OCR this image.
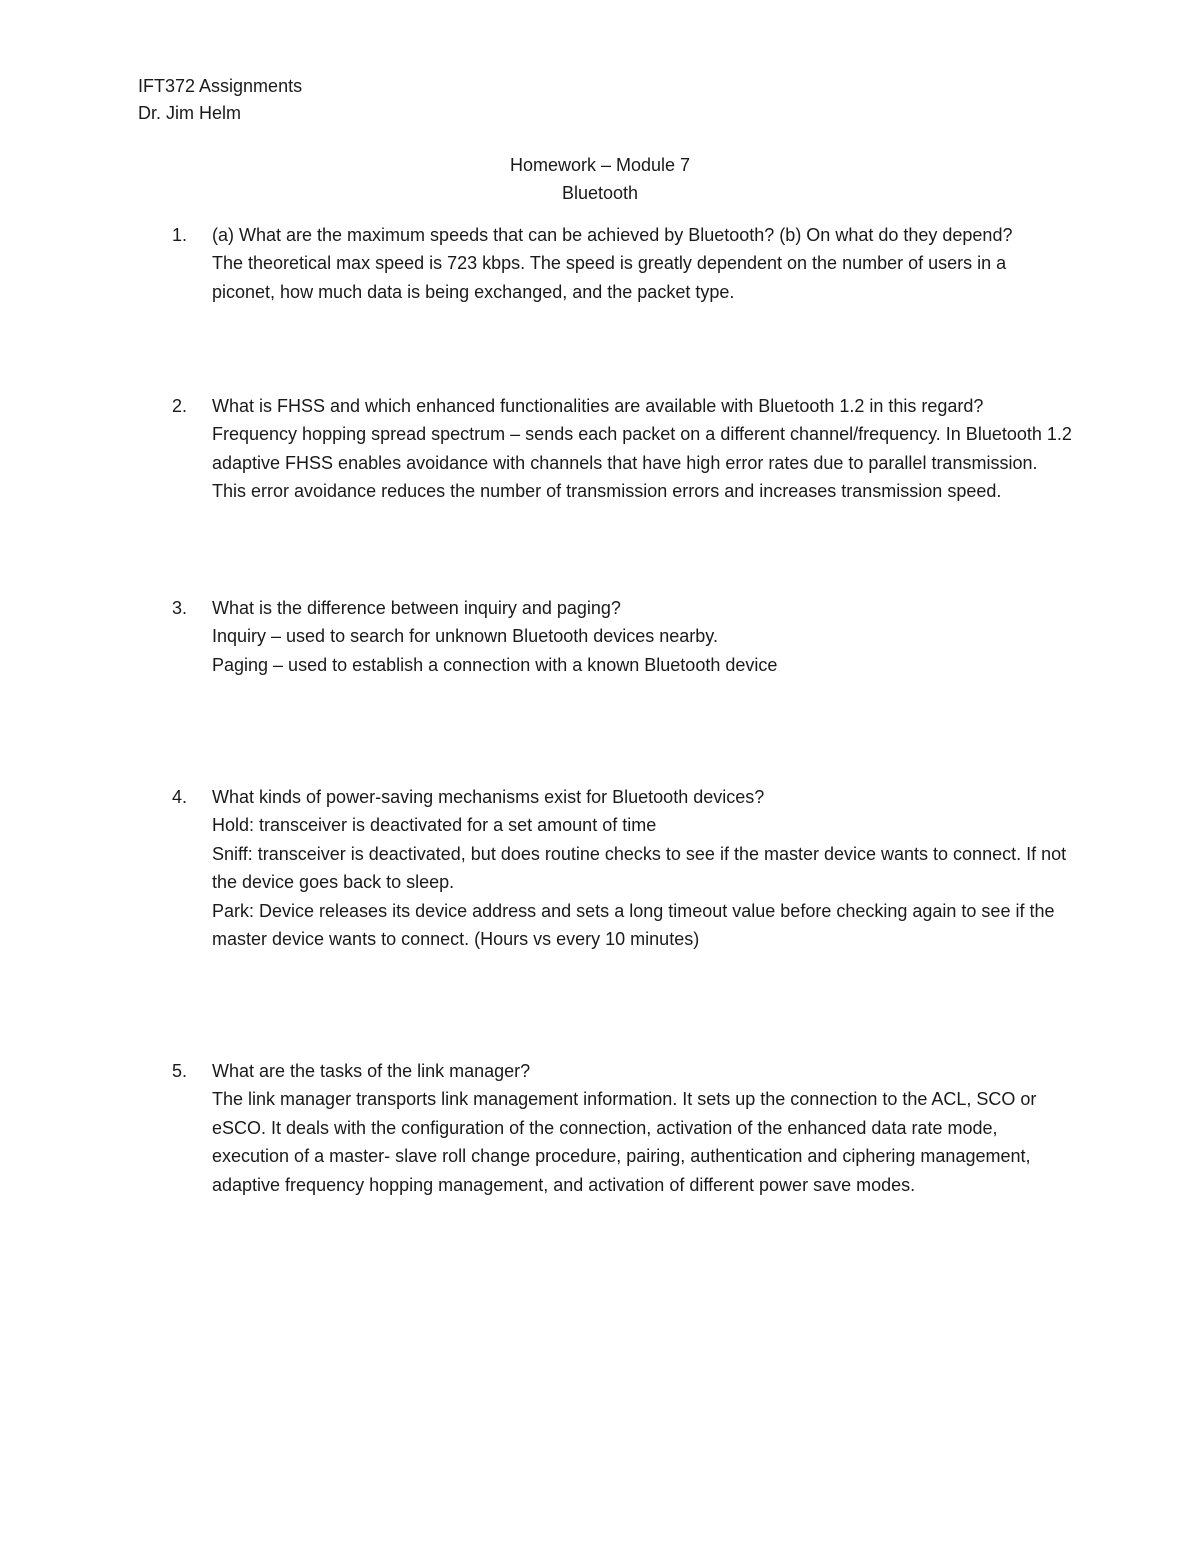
IFT372 Assignments
Dr. Jim Helm
Homework – Module 7
Bluetooth
1. (a) What are the maximum speeds that can be achieved by Bluetooth? (b) On what do they depend?
The theoretical max speed is 723 kbps. The speed is greatly dependent on the number of users in a piconet, how much data is being exchanged, and the packet type.
2. What is FHSS and which enhanced functionalities are available with Bluetooth 1.2 in this regard?
Frequency hopping spread spectrum – sends each packet on a different channel/frequency. In Bluetooth 1.2 adaptive FHSS enables avoidance with channels that have high error rates due to parallel transmission. This error avoidance reduces the number of transmission errors and increases transmission speed.
3. What is the difference between inquiry and paging?
Inquiry – used to search for unknown Bluetooth devices nearby.
Paging – used to establish a connection with a known Bluetooth device
4. What kinds of power-saving mechanisms exist for Bluetooth devices?
Hold: transceiver is deactivated for a set amount of time
Sniff: transceiver is deactivated, but does routine checks to see if the master device wants to connect. If not the device goes back to sleep.
Park: Device releases its device address and sets a long timeout value before checking again to see if the master device wants to connect. (Hours vs every 10 minutes)
5. What are the tasks of the link manager?
The link manager transports link management information. It sets up the connection to the ACL, SCO or eSCO. It deals with the configuration of the connection, activation of the enhanced data rate mode, execution of a master- slave roll change procedure, pairing, authentication and ciphering management, adaptive frequency hopping management, and activation of different power save modes.
